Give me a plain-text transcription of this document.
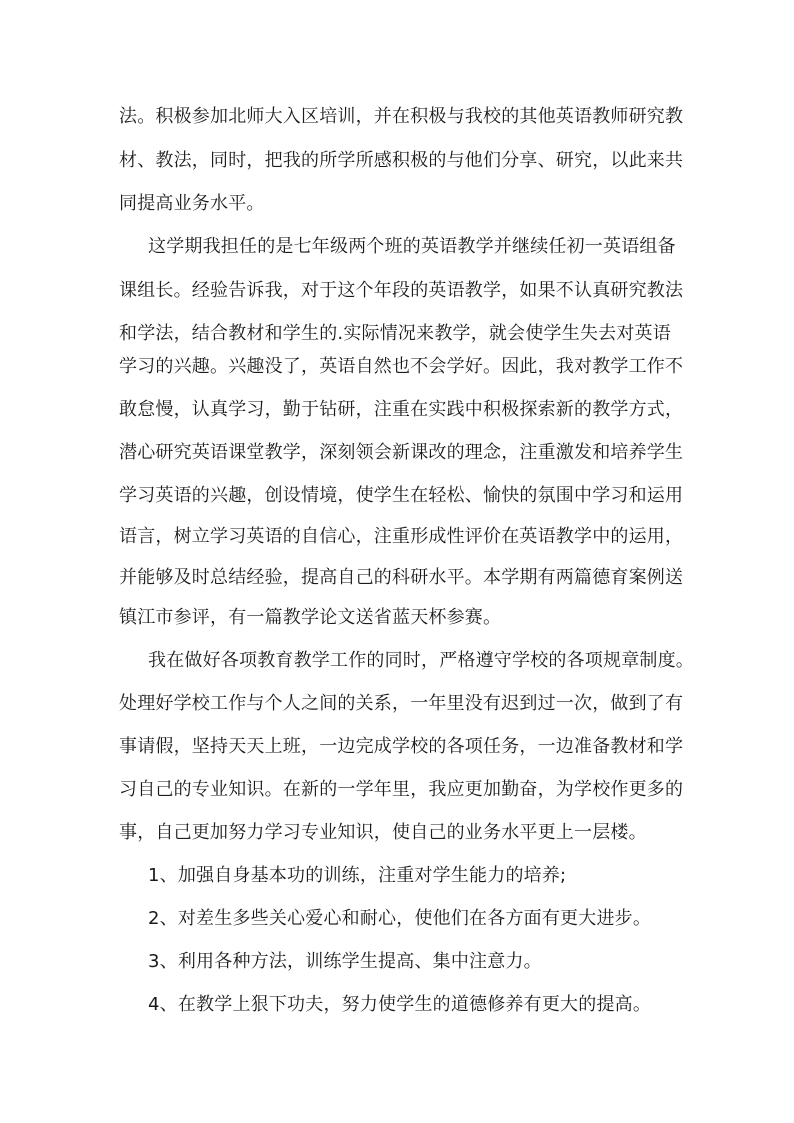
法。积极参加北师大入区培训，并在积极与我校的其他英语教师研究教
材、教法，同时，把我的所学所感积极的与他们分享、研究，以此来共
同提高业务水平。
这学期我担任的是七年级两个班的英语教学并继续任初一英语组备
课组长。经验告诉我，对于这个年段的英语教学，如果不认真研究教法
和学法，结合教材和学生的.实际情况来教学，就会使学生失去对英语
学习的兴趣。兴趣没了，英语自然也不会学好。因此，我对教学工作不
敢怠慢，认真学习，勤于钻研，注重在实践中积极探索新的教学方式，
潜心研究英语课堂教学，深刻领会新课改的理念，注重激发和培养学生
学习英语的兴趣，创设情境，使学生在轻松、愉快的氛围中学习和运用
语言，树立学习英语的自信心，注重形成性评价在英语教学中的运用，
并能够及时总结经验，提高自己的科研水平。本学期有两篇德育案例送
镇江市参评，有一篇教学论文送省蓝天杯参赛。
我在做好各项教育教学工作的同时，严格遵守学校的各项规章制度。
处理好学校工作与个人之间的关系，一年里没有迟到过一次，做到了有
事请假，坚持天天上班，一边完成学校的各项任务，一边准备教材和学
习自己的专业知识。在新的一学年里，我应更加勤奋，为学校作更多的
事，自己更加努力学习专业知识，使自己的业务水平更上一层楼。
1、加强自身基本功的训练，注重对学生能力的培养;
2、对差生多些关心爱心和耐心，使他们在各方面有更大进步。
3、利用各种方法，训练学生提高、集中注意力。
4、在教学上狠下功夫，努力使学生的道德修养有更大的提高。
